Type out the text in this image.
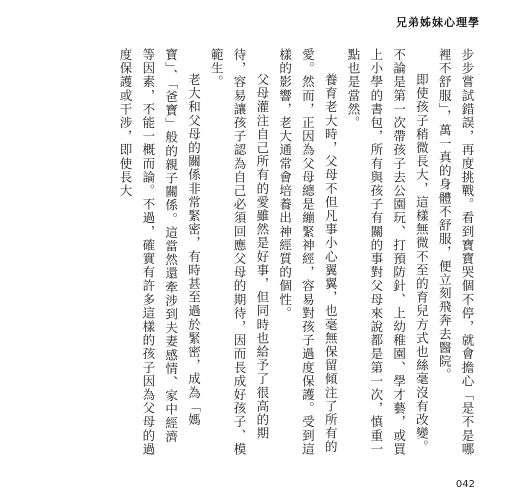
兄弟姊妹心理學

步步嘗試錯誤，再度挑戰。看到寶寶哭個不停，就會擔心「是不是哪裡不舒服」，萬一真的身體不舒服，便立刻飛奔去醫院。

即使孩子稍微長大，這樣無微不至的育兒方式也絲毫沒有改變。不論是第一次帶孩子去公園玩、打預防針、上幼稚園、學才藝，或買上小學的書包，所有與孩子有關的事對父母來說都是第一次，慎重一點也是當然。

養育老大時，父母不但凡事小心翼翼，也毫無保留傾注了所有的愛。然而，正因為父母總是繃緊神經，容易對孩子過度保護。受到這樣的影響，老大通常會培養出神經質的個性。

父母灌注自己所有的愛雖然是好事，但同時也給予了很高的期待，容易讓孩子認為自己必須回應父母的期待，因而長成好孩子、模範生。

老大和父母的關係非常緊密，有時甚至過於緊密，成為「媽寶」、「爸寶」般的親子關係。這當然還牽涉到夫妻感情、家中經濟等因素，不能一概而論。不過，確實有許多這樣的孩子因為父母的過度保護或干涉，即使長大

042
